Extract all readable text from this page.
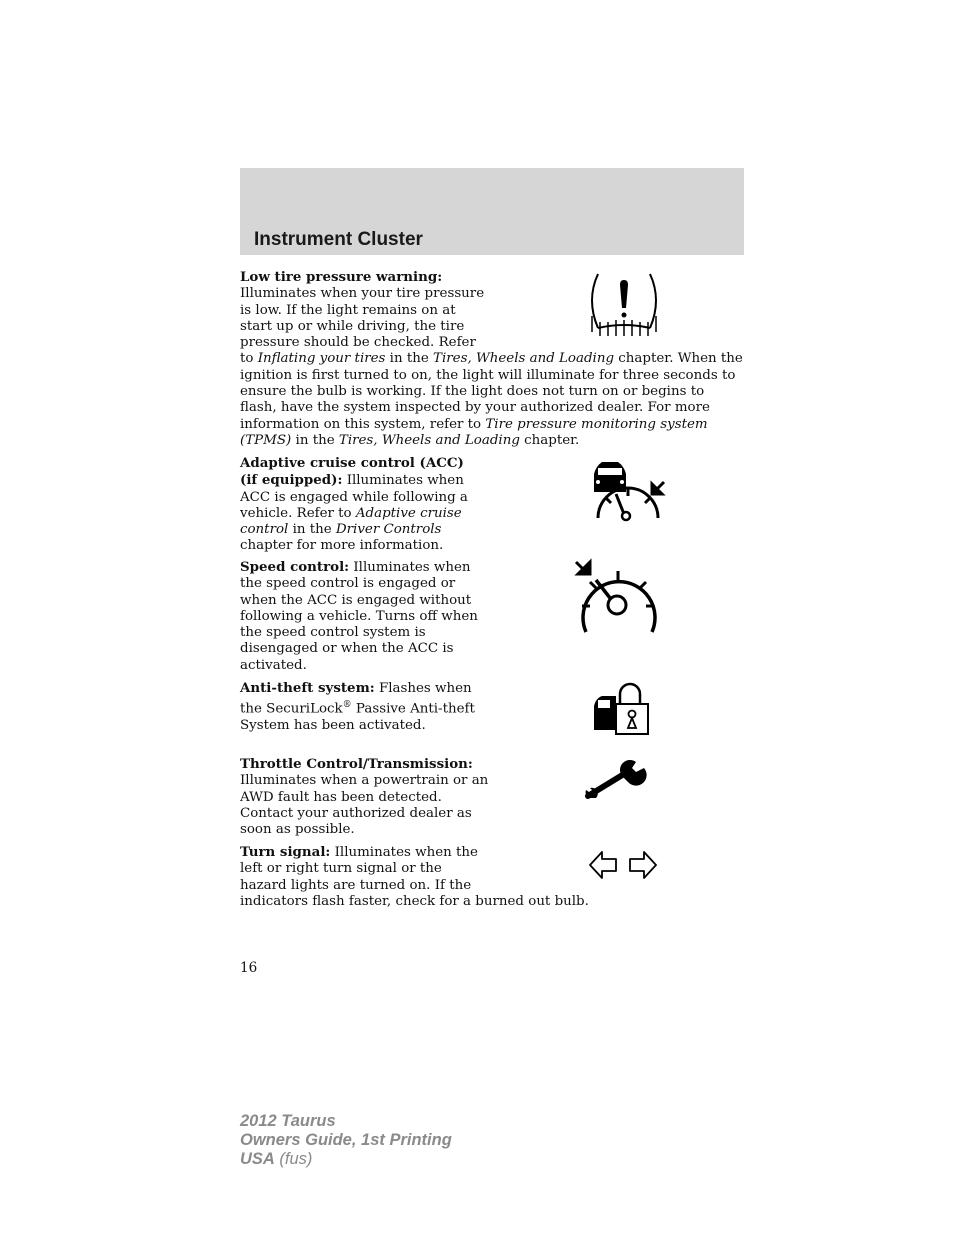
Instrument Cluster

Low tire pressure warning:

Illuminates when your tire pressure

is low. If the light remains on at

start up or while driving, the tire

pressure should be checked. Refer

to Inflating your tires in the Tires, Wheels and Loading chapter. When the ignition is first turned to on, the light will illuminate for three seconds to ensure the bulb is working. If the light does not turn on or begins to flash, have the system inspected by your authorized dealer. For more information on this system, refer to Tire pressure monitoring system (TPMS) in the Tires, Wheels and Loading chapter.

Adaptive cruise control (ACC) (if equipped): Illuminates when ACC is engaged while following a vehicle. Refer to Adaptive cruise control in the Driver Controls chapter for more information.

Speed control: Illuminates when the speed control is engaged or when the ACC is engaged without following a vehicle. Turns off when the speed control system is disengaged or when the ACC is activated.

Anti-theft system: Flashes when the SecuriLock® Passive Anti-theft System has been activated.

Throttle Control/Transmission: Illuminates when a powertrain or an AWD fault has been detected. Contact your authorized dealer as soon as possible.

Turn signal: Illuminates when the

left or right turn signal or the

hazard lights are turned on. If the

indicators flash faster, check for a burned out bulb.

16
2012 Taurus
Owners Guide, 1st Printing
USA (fus)
